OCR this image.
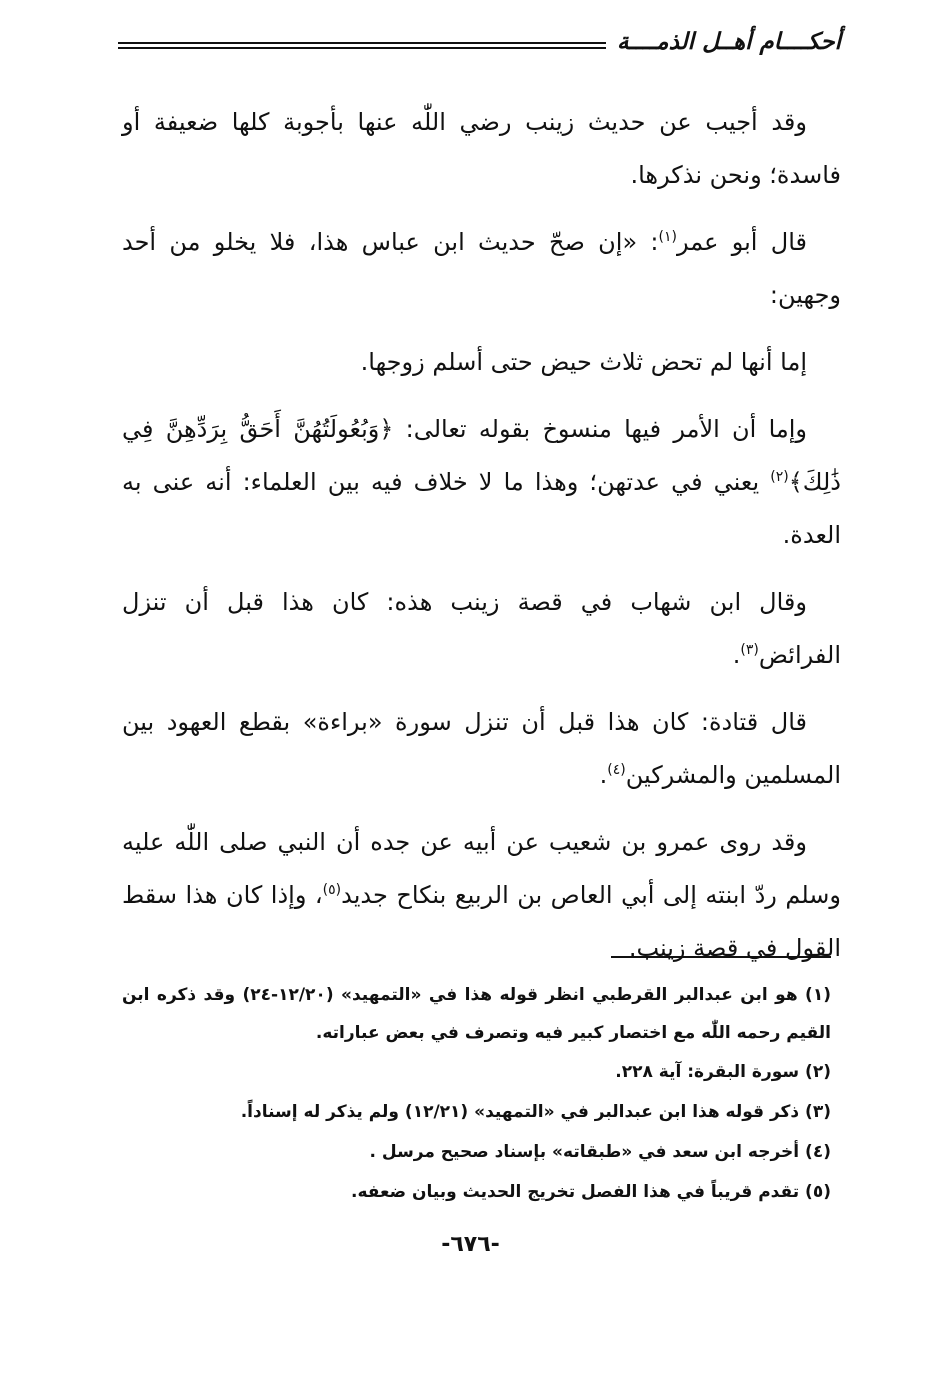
أحكــــام أهــل الذمــــة

وقد أجيب عن حديث زينب رضي اللّٰه عنها بأجوبة كلها ضعيفة أو فاسدة؛ ونحن نذكرها.

قال أبو عمر$^{(١)}$: «إن صحّ حديث ابن عباس هذا، فلا يخلو من أحد وجهين:

إما أنها لم تحض ثلاث حيض حتى أسلم زوجها.

وإما أن الأمر فيها منسوخ بقوله تعالى: ﴿وَبُعُولَتُهُنَّ أَحَقُّ بِرَدِّهِنَّ فِي ذَٰلِكَ﴾$^{(٢)}$ يعني في عدتهن؛ وهذا ما لا خلاف فيه بين العلماء: أنه عنى به العدة.

وقال ابن شهاب في قصة زينب هذه: كان هذا قبل أن تنزل الفرائض$^{(٣)}$.

قال قتادة: كان هذا قبل أن تنزل سورة «براءة» بقطع العهود بين المسلمين والمشركين$^{(٤)}$.

وقد روى عمرو بن شعيب عن أبيه عن جده أن النبي صلى اللّٰه عليه وسلم ردّ ابنته إلى أبي العاص بن الربيع بنكاح جديد$^{(٥)}$، وإذا كان هذا سقط القول في قصة زينب.

(١) هو ابن عبدالبر القرطبي انظر قوله هذا في «التمهيد» (١٢/٢٠-٢٤) وقد ذكره ابن القيم رحمه اللّٰه مع اختصار كبير فيه وتصرف في بعض عباراته.

(٢) سورة البقرة: آية ٢٢٨.

(٣) ذكر قوله هذا ابن عبدالبر في «التمهيد» (١٢/٢١) ولم يذكر له إسناداً.

(٤) أخرجه ابن سعد في «طبقاته» بإسناد صحيح مرسل .

(٥) تقدم قريباً في هذا الفصل تخريج الحديث وبيان ضعفه.

-٦٧٦-
